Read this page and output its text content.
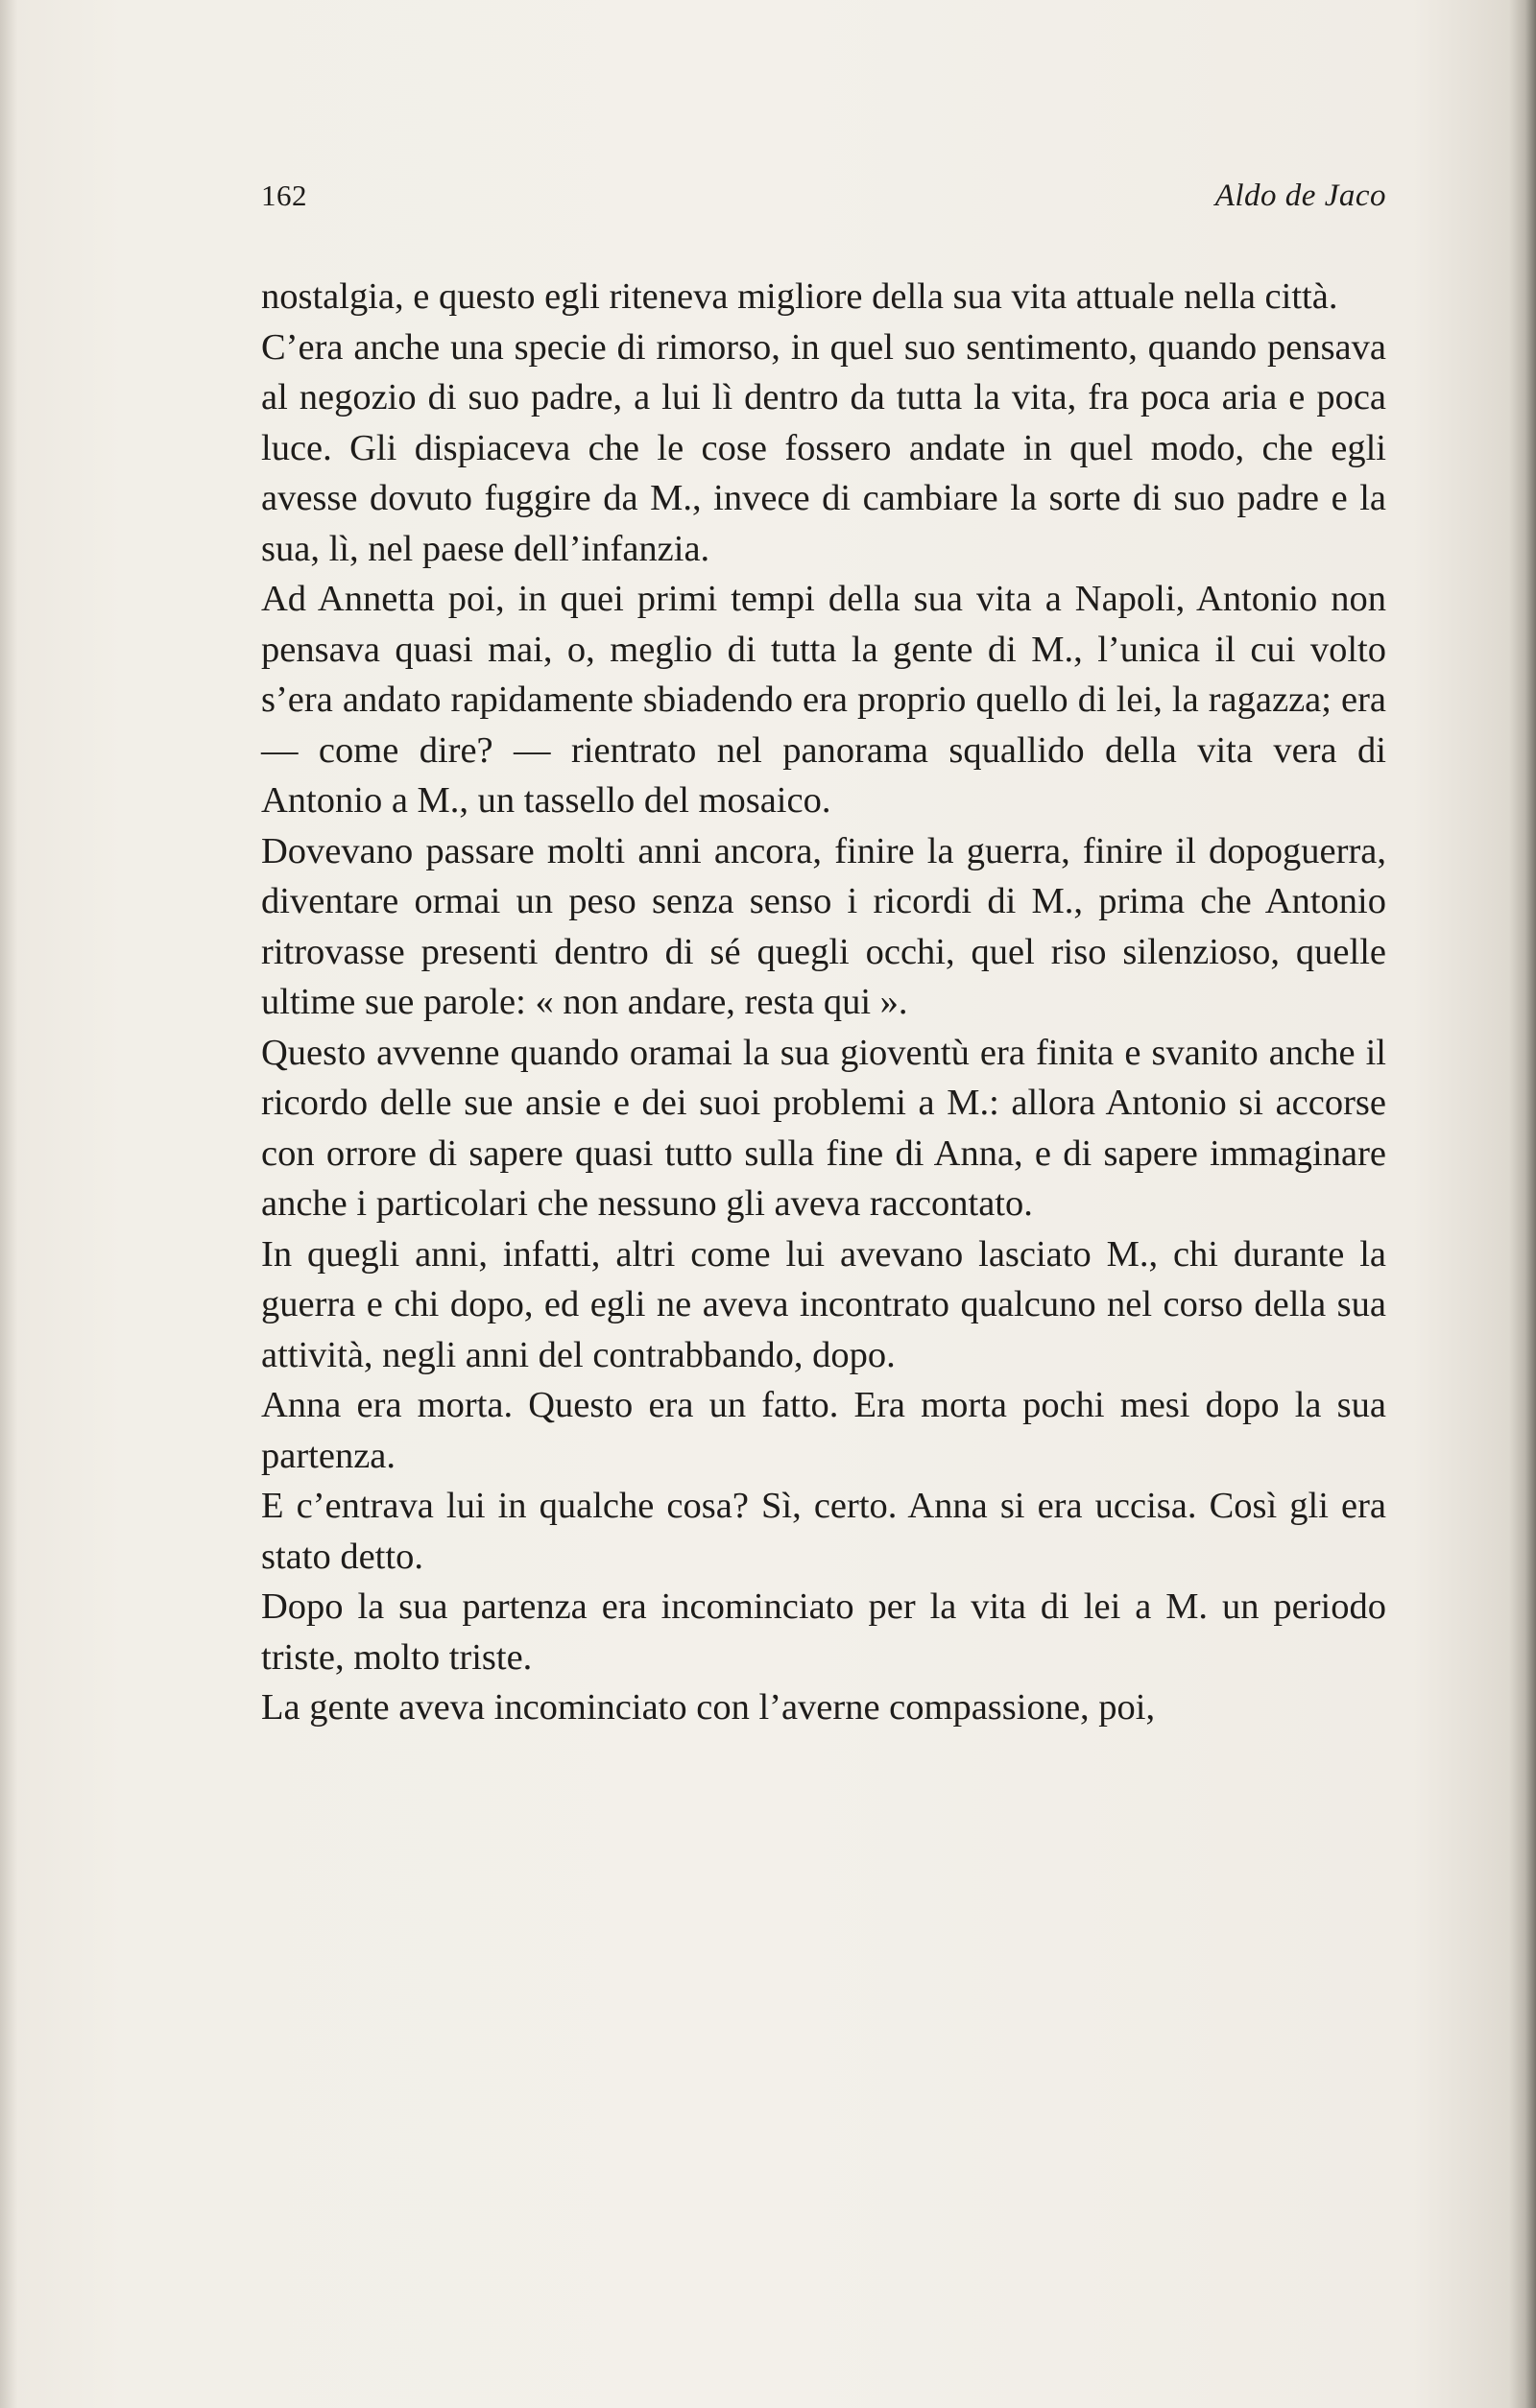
162	Aldo de Jaco

nostalgia, e questo egli riteneva migliore della sua vita attuale nella città.

C’era anche una specie di rimorso, in quel suo sentimento, quando pensava al negozio di suo padre, a lui lì dentro da tutta la vita, fra poca aria e poca luce. Gli dispiaceva che le cose fossero andate in quel modo, che egli avesse dovuto fuggire da M., invece di cambiare la sorte di suo padre e la sua, lì, nel paese dell’infanzia.

Ad Annetta poi, in quei primi tempi della sua vita a Napoli, Antonio non pensava quasi mai, o, meglio di tutta la gente di M., l’unica il cui volto s’era andato rapidamente sbiadendo era proprio quello di lei, la ragazza; era — come dire? — rientrato nel panorama squallido della vita vera di Antonio a M., un tassello del mosaico.

Dovevano passare molti anni ancora, finire la guerra, finire il dopoguerra, diventare ormai un peso senza senso i ricordi di M., prima che Antonio ritrovasse presenti dentro di sé quegli occhi, quel riso silenzioso, quelle ultime sue parole: « non andare, resta qui ».

Questo avvenne quando oramai la sua gioventù era finita e svanito anche il ricordo delle sue ansie e dei suoi problemi a M.: allora Antonio si accorse con orrore di sapere quasi tutto sulla fine di Anna, e di sapere immaginare anche i particolari che nessuno gli aveva raccontato.

In quegli anni, infatti, altri come lui avevano lasciato M., chi durante la guerra e chi dopo, ed egli ne aveva incontrato qualcuno nel corso della sua attività, negli anni del contrabbando, dopo.

Anna era morta. Questo era un fatto. Era morta pochi mesi dopo la sua partenza.

E c’entrava lui in qualche cosa? Sì, certo. Anna si era uccisa. Così gli era stato detto.

Dopo la sua partenza era incominciato per la vita di lei a M. un periodo triste, molto triste.

La gente aveva incominciato con l’averne compassione, poi,
